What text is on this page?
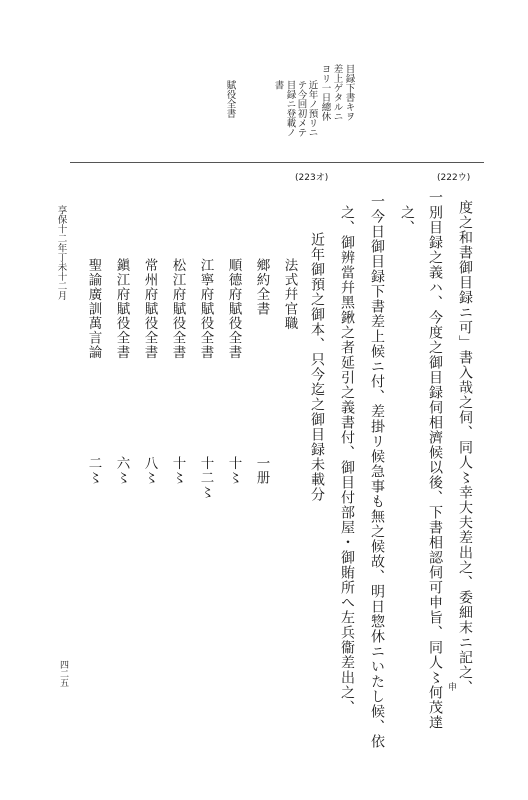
目録下書キヲ
差上ゲタルニ
ヨリ一日總休
近年ノ預リニ
テ今回初メテ
目録ニ登載ノ
書
賦役全書
(222ウ)
(223オ)
度之和書御目録ニ可」書入哉之伺、同人〻幸大夫差出之、委細末ニ記之、
一別目録之義ハ、今度之御目録伺相濟候以後、下書相認伺可申旨、同人〻何茂達 申
之、
一今日御目録下書差上候ニ付、差掛リ候急事も無之候故、明日惣休ニいたし候、依
之、御辨當幷黑鍬之者延引之義書付、御目付部屋・御賄所へ左兵衞差出之、
近年御預之御本、只今迄之御目録未載分
法式幷官職
鄉約全書
一册
順德府賦役全書
十〻
江寧府賦役全書
十二〻
松江府賦役全書
十〻
常州府賦役全書
八〻
鎭江府賦役全書
六〻
聖諭廣訓萬言論
二〻
享保十二年丁未十二月
四二五
